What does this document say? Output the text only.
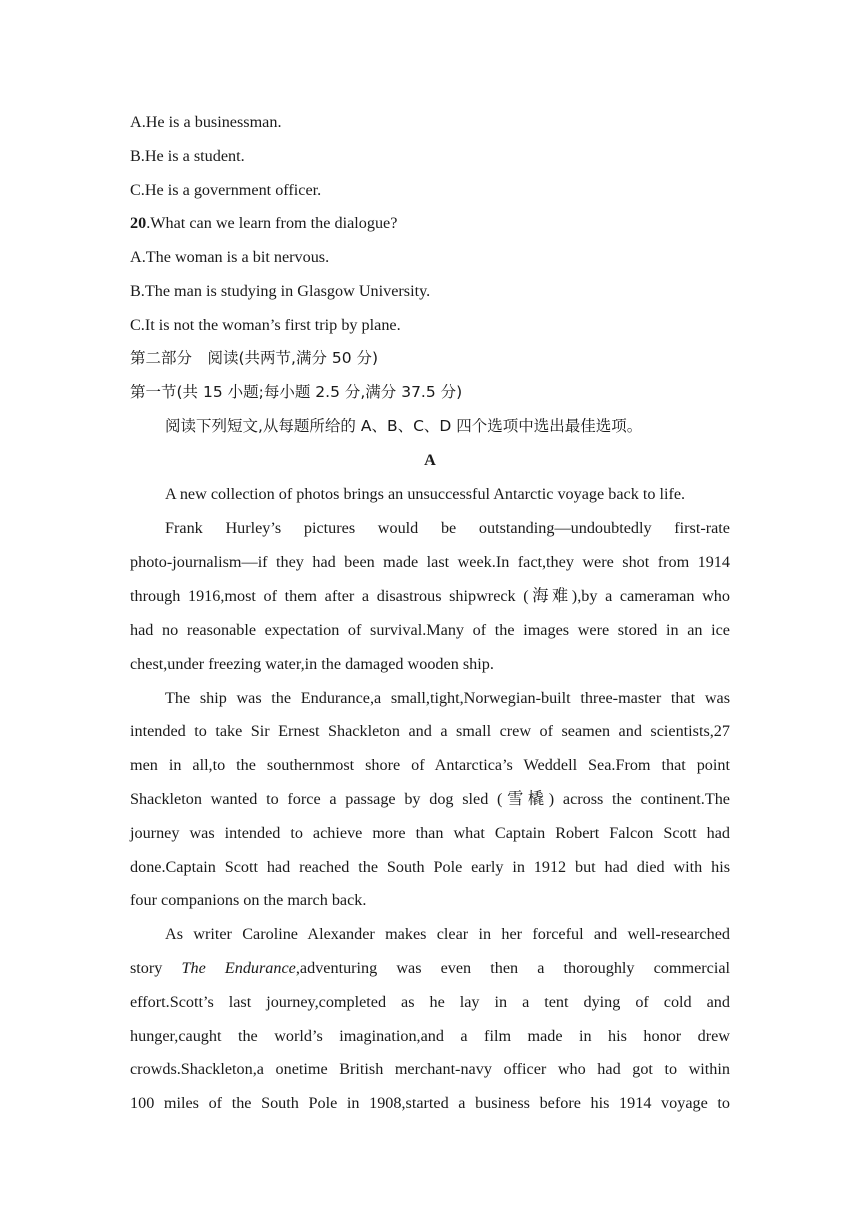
A.He is a businessman.
B.He is a student.
C.He is a government officer.
20.What can we learn from the dialogue?
A.The woman is a bit nervous.
B.The man is studying in Glasgow University.
C.It is not the woman’s first trip by plane.
第二部分　阅读(共两节,满分 50 分)
第一节(共 15 小题;每小题 2.5 分,满分 37.5 分)
阅读下列短文,从每题所给的 A、B、C、D 四个选项中选出最佳选项。
A
A new collection of photos brings an unsuccessful Antarctic voyage back to life.
Frank Hurley’s pictures would be outstanding—undoubtedly first-rate
photo-journalism—if they had been made last week.In fact,they were shot from 1914
through 1916,most of them after a disastrous shipwreck (海难),by a cameraman who
had no reasonable expectation of survival.Many of the images were stored in an ice
chest,under freezing water,in the damaged wooden ship.
The ship was the Endurance,a small,tight,Norwegian-built three-master that was
intended to take Sir Ernest Shackleton and a small crew of seamen and scientists,27
men in all,to the southernmost shore of Antarctica’s Weddell Sea.From that point
Shackleton wanted to force a passage by dog sled (雪橇) across the continent.The
journey was intended to achieve more than what Captain Robert Falcon Scott had
done.Captain Scott had reached the South Pole early in 1912 but had died with his
four companions on the march back.
As writer Caroline Alexander makes clear in her forceful and well-researched
story The Endurance,adventuring was even then a thoroughly commercial
effort.Scott’s last journey,completed as he lay in a tent dying of cold and
hunger,caught the world’s imagination,and a film made in his honor drew
crowds.Shackleton,a onetime British merchant-navy officer who had got to within
100 miles of the South Pole in 1908,started a business before his 1914 voyage to
